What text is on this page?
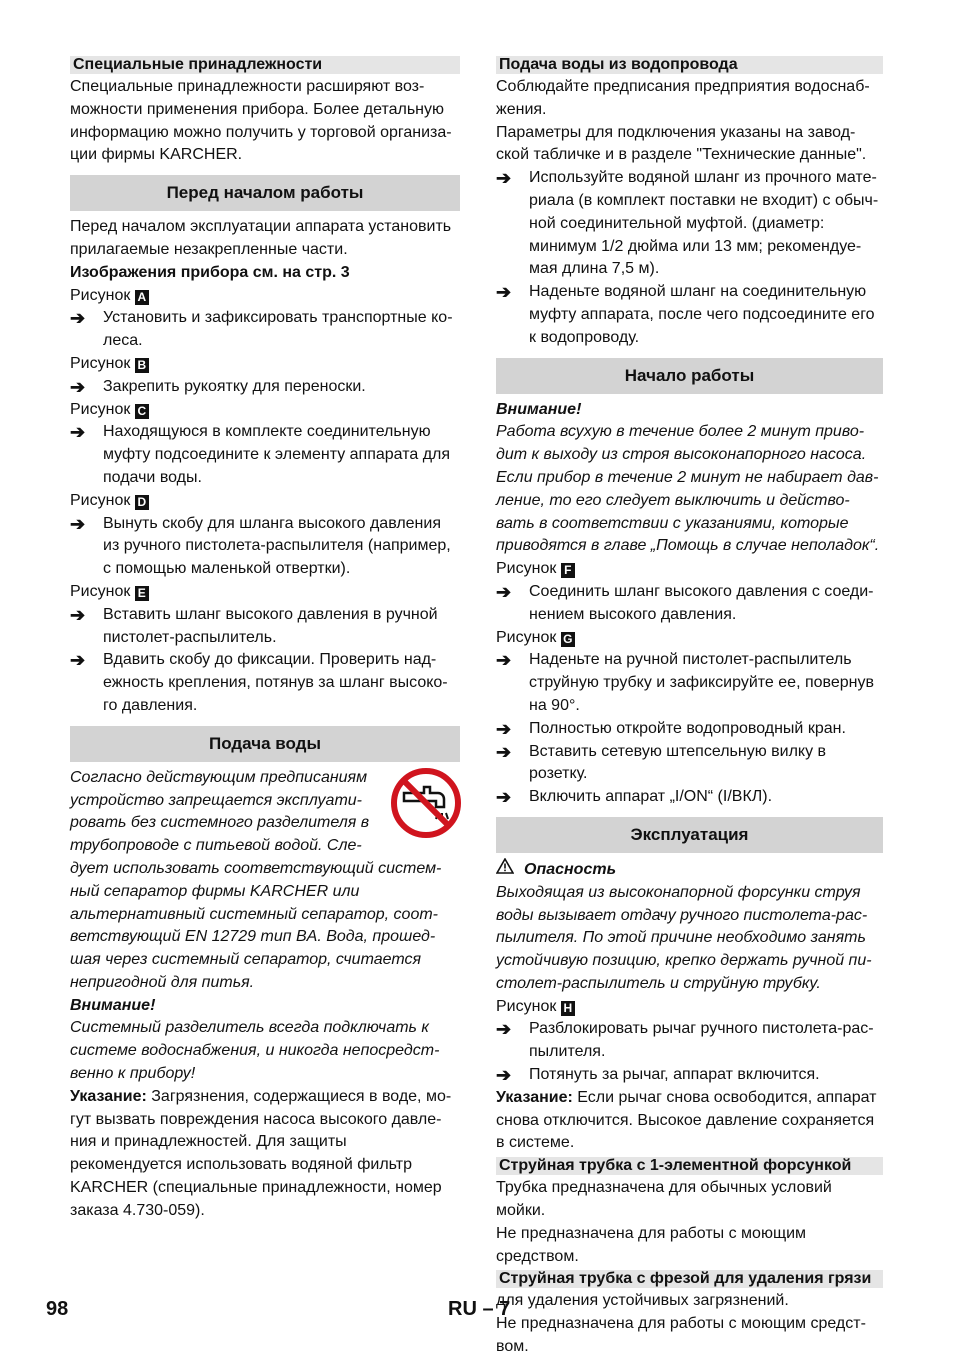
Специальные принадлежности

Специальные принадлежности расширяют воз-
можности применения прибора. Более детальную
информацию можно получить у торговой организа-
ции фирмы KARCHER.

Перед началом работы

Перед началом эксплуатации аппарата установить
прилагаемые незакрепленные части.

Изображения прибора см. на стр. 3

Рисунок A

➔ Установить и зафиксировать транспортные ко-
леса.

Рисунок B

➔ Закрепить рукоятку для переноски.

Рисунок C

➔ Находящуюся в комплекте соединительную
муфту подсоедините к элементу аппарата для
подачи воды.

Рисунок D

➔ Вынуть скобу для шланга высокого давления
из ручного пистолета-распылителя (например,
с помощью маленькой отвертки).

Рисунок E

➔ Вставить шланг высокого давления в ручной
пистолет-распылитель.

➔ Вдавить скобу до фиксации. Проверить над-
ежность крепления, потянув за шланг высоко-
го давления.

Подача воды

Согласно действующим предписаниям
устройство запрещается эксплуати-
ровать без системного разделителя в
трубопроводе с питьевой водой. Сле-
дует использовать соответствующий систем-
ный сепаратор фирмы KARCHER или
альтернативный системный сепаратор, соот-
ветствующий EN 12729 тип BA. Вода, прошед-
шая через системный сепаратор, считается
непригодной для питья.

Внимание!

Системный разделитель всегда подключать к
системе водоснабжения, и никогда непосредст-
венно к прибору!

Указание: Загрязнения, содержащиеся в воде, мо-
гут вызвать повреждения насоса высокого давле-
ния и принадлежностей. Для защиты
рекомендуется использовать водяной фильтр
KARCHER (специальные принадлежности, номер
заказа 4.730-059).

Подача воды из водопровода

Соблюдайте предписания предприятия водоснаб-
жения.
Параметры для подключения указаны на завод-
ской табличке и в разделе "Технические данные".

➔ Используйте водяной шланг из прочного мате-
риала (в комплект поставки не входит) с обыч-
ной соединительной муфтой. (диаметр:
минимум 1/2 дюйма или 13 мм; рекомендуе-
мая длина 7,5 м).

➔ Наденьте водяной шланг на соединительную
муфту аппарата, после чего подсоедините его
к водопроводу.

Начало работы

Внимание!

Работа всухую в течение более 2 минут приво-
дит к выходу из строя высоконапорного насоса.
Если прибор в течение 2 минут не набирает дав-
ление, то его следует выключить и действо-
вать в соответствии с указаниями, которые
приводятся в главе „Помощь в случае неполадок“.

Рисунок F

➔ Соединить шланг высокого давления с соеди-
нением высокого давления.

Рисунок G

➔ Наденьте на ручной пистолет-распылитель
струйную трубку и зафиксируйте ее, повернув
на 90°.

➔ Полностью откройте водопроводный кран.

➔ Вставить сетевую штепсельную вилку в розетку.

➔ Включить аппарат „I/ON“ (I/ВКЛ).

Эксплуатация

Опасность

Выходящая из высоконапорной форсунки струя
воды вызывает отдачу ручного пистолета-рас-
пылителя. По этой причине необходимо занять
устойчивую позицию, крепко держать ручной пи-
столет-распылитель и струйную трубку.

Рисунок H

➔ Разблокировать рычаг ручного пистолета-рас-
пылителя.

➔ Потянуть за рычаг, аппарат включится.

Указание: Если рычаг снова освободится, аппарат
снова отключится. Высокое давление сохраняется
в системе.

Струйная трубка с 1-элементной форсункой

Трубка предназначена для обычных условий мойки.
Не предназначена для работы с моющим средством.

Струйная трубка с фрезой для удаления грязи

для удаления устойчивых загрязнений.
Не предназначена для работы с моющим средст-
вом.

98	RU – 7
